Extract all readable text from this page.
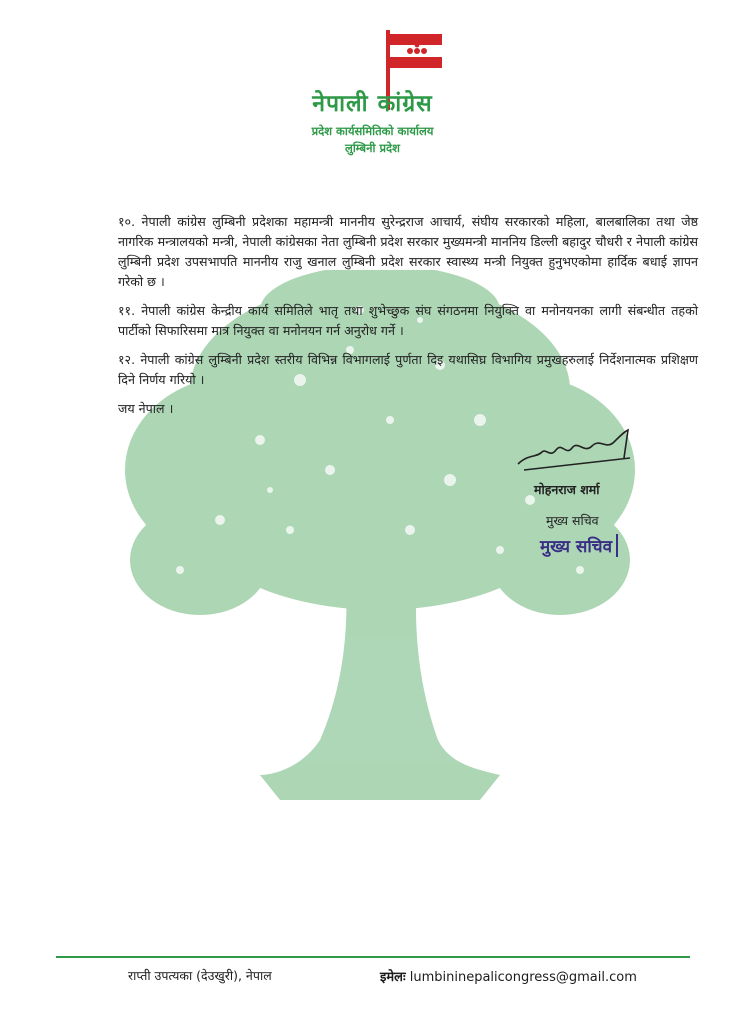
नेपाली कांग्रेस
प्रदेश कार्यसमितिको कार्यालय
लुम्बिनी प्रदेश

१०. नेपाली कांग्रेस लुम्बिनी प्रदेशका महामन्त्री माननीय सुरेन्द्रराज आचार्य, संघीय सरकारको महिला, बालबालिका तथा जेष्ठ नागरिक मन्त्रालयको मन्त्री, नेपाली कांग्रेसका नेता लुम्बिनी प्रदेश सरकार मुख्यमन्त्री माननिय डिल्ली बहादुर चौधरी र नेपाली कांग्रेस लुम्बिनी प्रदेश उपसभापति माननीय राजु खनाल लुम्बिनी प्रदेश सरकार स्वास्थ्य मन्त्री नियुक्त हुनुभएकोमा हार्दिक बधाई ज्ञापन गरेको छ ।

११. नेपाली कांग्रेस केन्द्रीय कार्य समितिले भातृ तथा शुभेच्छुक संघ संगठनमा नियुक्ति वा मनोनयनका लागी संबन्धीत तहको पार्टीको सिफारिसमा मात्र नियुक्त वा मनोनयन गर्न अनुरोध गर्ने ।

१२. नेपाली कांग्रेस लुम्बिनी प्रदेश स्तरीय विभिन्न विभागलाई पुर्णता दिइ यथासिघ्र विभागिय प्रमुखहरुलाई निर्देशनात्मक प्रशिक्षण दिने निर्णय गरियो ।

जय नेपाल ।

मोहनराज शर्मा
मुख्य सचिव
मुख्य सचिव
राप्ती उपत्यका (देउखुरी), नेपाल	इमेलः lumbininepalicongress@gmail.com
